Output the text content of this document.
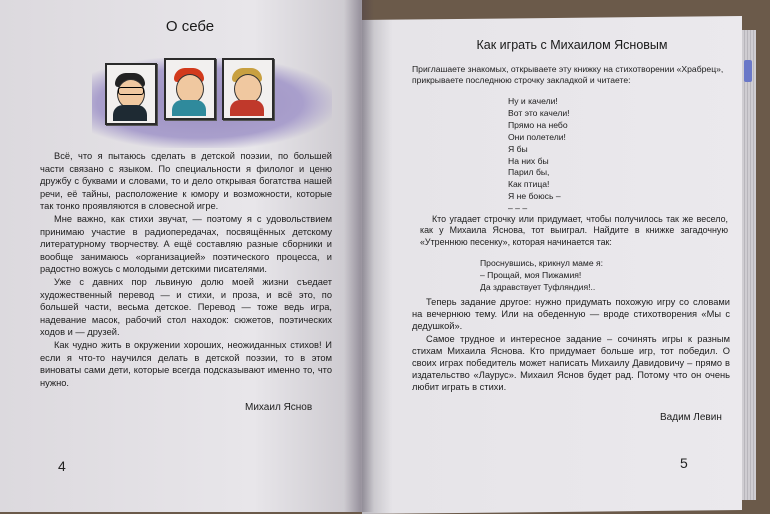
О себе

Всё, что я пытаюсь сделать в детской поэзии, по большей части связано с языком. По специальности я филолог и ценю дружбу с буквами и словами, то и дело открывая богатства нашей речи, её тайны, расположение к юмору и возможности, которые так тонко проявляются в словесной игре.

Мне важно, как стихи звучат, — поэтому я с удовольствием принимаю участие в радиопередачах, посвящённых детскому литературному творчеству. А ещё составляю разные сборники и вообще занимаюсь «организацией» поэтического процесса, и радостно вожусь с молодыми детскими писателями.

Уже с давних пор львиную долю моей жизни съедает художественный перевод — и стихи, и проза, и всё это, по большей части, весьма детское. Перевод — тоже ведь игра, надевание масок, рабочий стол находок: сюжетов, поэтических ходов и — друзей.

Как чудно жить в окружении хороших, неожиданных стихов! И если я что-то научился делать в детской поэзии, то в этом виноваты сами дети, которые всегда подсказывают именно то, что нужно.

Михаил Яснов
4
Как играть с Михаилом Ясновым
Приглашаете знакомых, открываете эту книжку на стихотворении «Храбрец», прикрываете последнюю строчку закладкой и читаете:
Ну и качели!
Вот это качели!
Прямо на небо
Они полетели!
Я бы
На них бы
Парил бы,
Как птица!
Я не боюсь –
– – –

Кто угадает строчку или придумает, чтобы получилось так же весело, как у Михаила Яснова, тот выиграл. Найдите в книжке загадочную «Утреннюю песенку», которая начинается так:

Проснувшись, крикнул маме я:
– Прощай, моя Пижамия!
Да здравствует Туфляндия!..

Теперь задание другое: нужно придумать похожую игру со словами на вечернюю тему. Или на обеденную — вроде стихотворения «Мы с дедушкой».

Самое трудное и интересное задание – сочинять игры к разным стихам Михаила Яснова. Кто придумает больше игр, тот победил. О своих играх победитель может написать Михаилу Давидовичу – прямо в издательство «Лаурус». Михаил Яснов будет рад. Потому что он очень любит играть в стихи.

Вадим Левин
5
